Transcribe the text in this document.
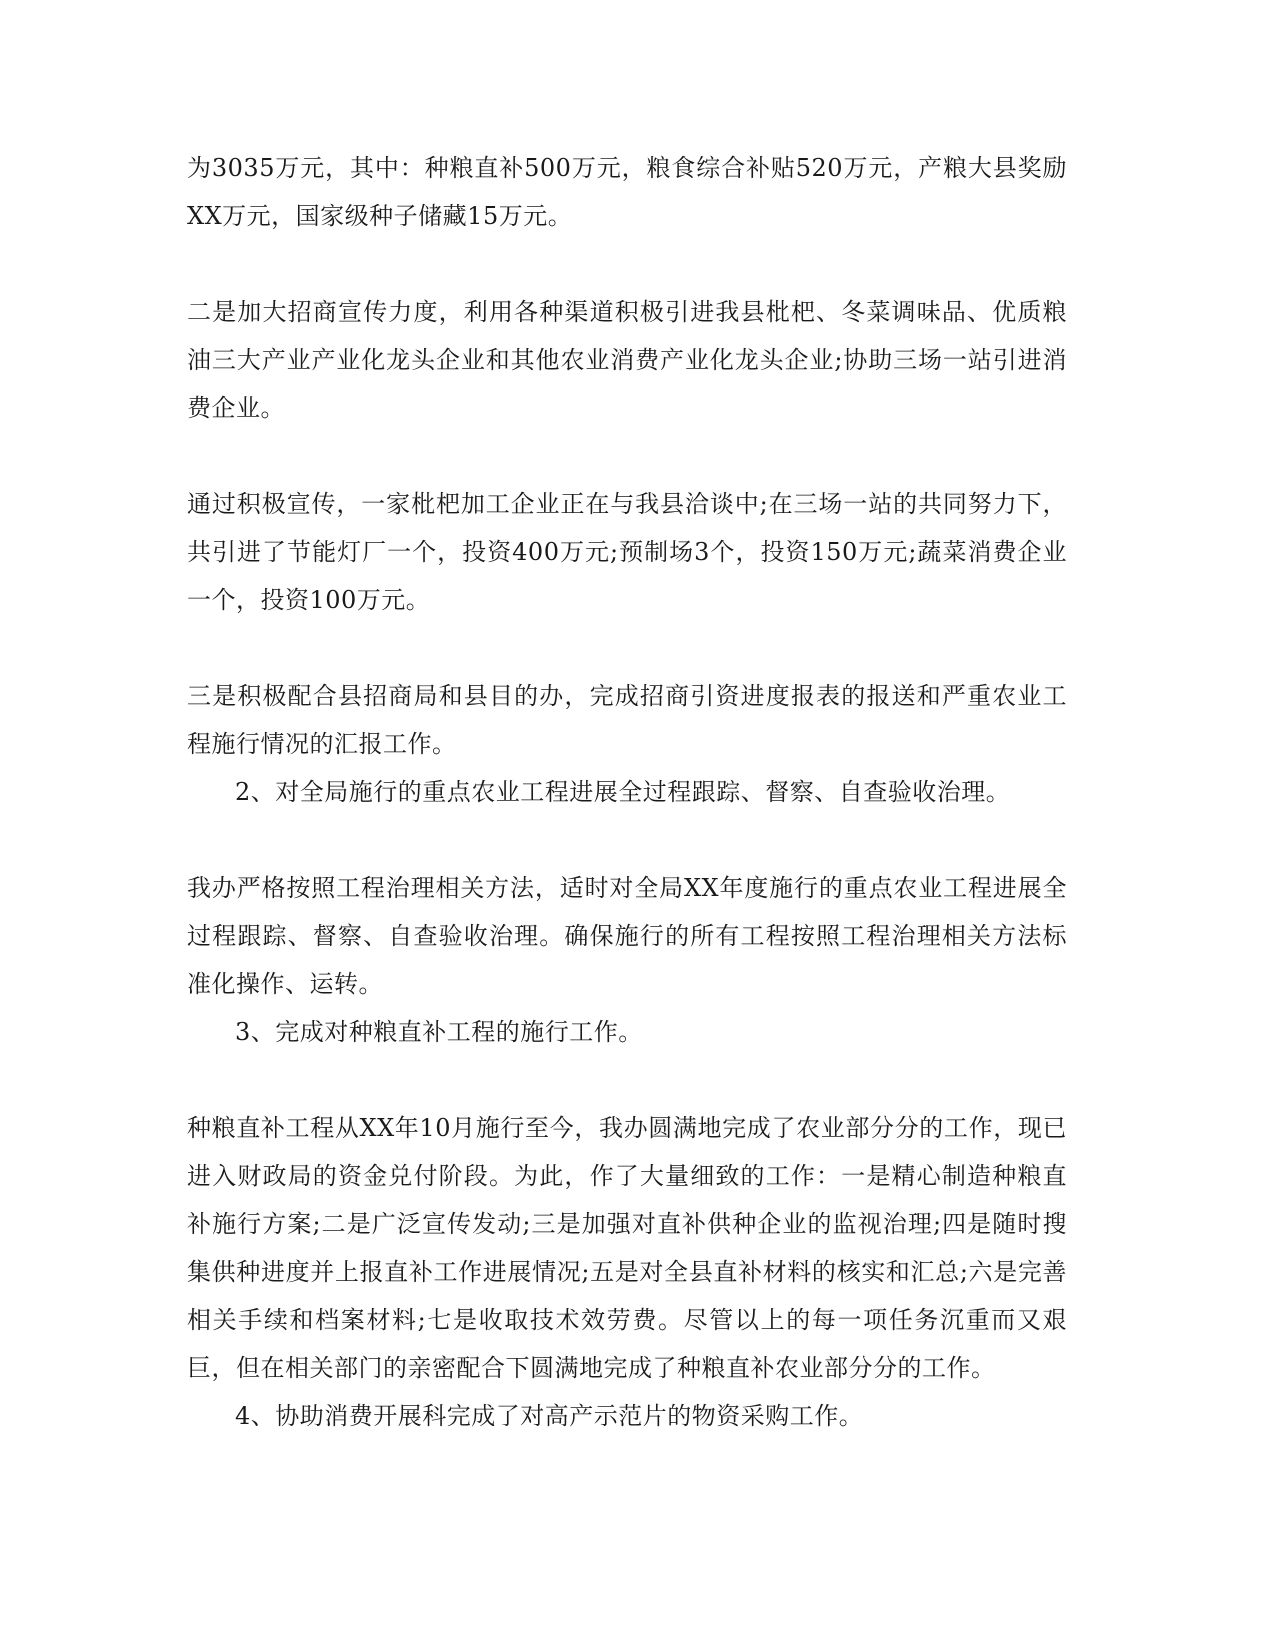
为3035万元，其中：种粮直补500万元，粮食综合补贴520万元，产粮大县奖励XX万元，国家级种子储藏15万元。

二是加大招商宣传力度，利用各种渠道积极引进我县枇杷、冬菜调味品、优质粮油三大产业产业化龙头企业和其他农业消费产业化龙头企业;协助三场一站引进消费企业。

通过积极宣传，一家枇杷加工企业正在与我县洽谈中;在三场一站的共同努力下，共引进了节能灯厂一个，投资400万元;预制场3个，投资150万元;蔬菜消费企业一个，投资100万元。

三是积极配合县招商局和县目的办，完成招商引资进度报表的报送和严重农业工程施行情况的汇报工作。

2、对全局施行的重点农业工程进展全过程跟踪、督察、自查验收治理。

我办严格按照工程治理相关方法，适时对全局XX年度施行的重点农业工程进展全过程跟踪、督察、自查验收治理。确保施行的所有工程按照工程治理相关方法标准化操作、运转。

3、完成对种粮直补工程的施行工作。

种粮直补工程从XX年10月施行至今，我办圆满地完成了农业部分分的工作，现已进入财政局的资金兑付阶段。为此，作了大量细致的工作：一是精心制造种粮直补施行方案;二是广泛宣传发动;三是加强对直补供种企业的监视治理;四是随时搜集供种进度并上报直补工作进展情况;五是对全县直补材料的核实和汇总;六是完善相关手续和档案材料;七是收取技术效劳费。尽管以上的每一项任务沉重而又艰巨，但在相关部门的亲密配合下圆满地完成了种粮直补农业部分分的工作。

4、协助消费开展科完成了对高产示范片的物资采购工作。
